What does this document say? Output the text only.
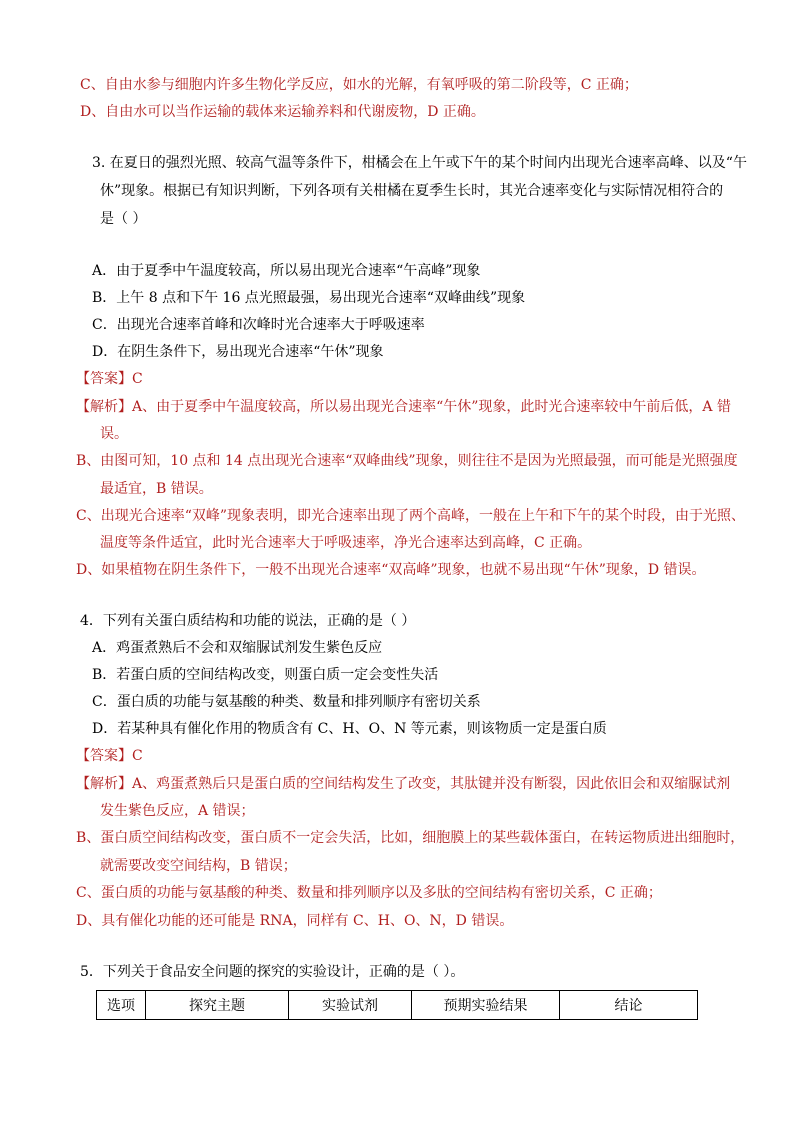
C、自由水参与细胞内许多生物化学反应，如水的光解，有氧呼吸的第二阶段等，C 正确；
D、自由水可以当作运输的载体来运输养料和代谢废物，D 正确。
3. 在夏日的强烈光照、较高气温等条件下，柑橘会在上午或下午的某个时间内出现光合速率高峰、以及“午
休”现象。根据已有知识判断，下列各项有关柑橘在夏季生长时，其光合速率变化与实际情况相符合的
是（ ）
A．由于夏季中午温度较高，所以易出现光合速率“午高峰”现象
B．上午 8 点和下午 16 点光照最强，易出现光合速率“双峰曲线”现象
C．出现光合速率首峰和次峰时光合速率大于呼吸速率
D．在阴生条件下，易出现光合速率“午休”现象
【答案】C
【解析】A、由于夏季中午温度较高，所以易出现光合速率“午休”现象，此时光合速率较中午前后低，A 错
误。
B、由图可知，10 点和 14 点出现光合速率“双峰曲线”现象，则往往不是因为光照最强，而可能是光照强度
最适宜，B 错误。
C、出现光合速率“双峰”现象表明，即光合速率出现了两个高峰，一般在上午和下午的某个时段，由于光照、
温度等条件适宜，此时光合速率大于呼吸速率，净光合速率达到高峰，C 正确。
D、如果植物在阴生条件下，一般不出现光合速率“双高峰”现象，也就不易出现“午休”现象，D 错误。
4．下列有关蛋白质结构和功能的说法，正确的是（ ）
A．鸡蛋煮熟后不会和双缩脲试剂发生紫色反应
B．若蛋白质的空间结构改变，则蛋白质一定会变性失活
C．蛋白质的功能与氨基酸的种类、数量和排列顺序有密切关系
D．若某种具有催化作用的物质含有 C、H、O、N 等元素，则该物质一定是蛋白质
【答案】C
【解析】A、鸡蛋煮熟后只是蛋白质的空间结构发生了改变，其肽键并没有断裂，因此依旧会和双缩脲试剂
发生紫色反应，A 错误；
B、蛋白质空间结构改变，蛋白质不一定会失活，比如，细胞膜上的某些载体蛋白，在转运物质进出细胞时，
就需要改变空间结构，B 错误；
C、蛋白质的功能与氨基酸的种类、数量和排列顺序以及多肽的空间结构有密切关系，C 正确；
D、具有催化功能的还可能是 RNA，同样有 C、H、O、N，D 错误。
5．下列关于食品安全问题的探究的实验设计，正确的是（ ）。
选项	探究主题	实验试剂	预期实验结果	结论
